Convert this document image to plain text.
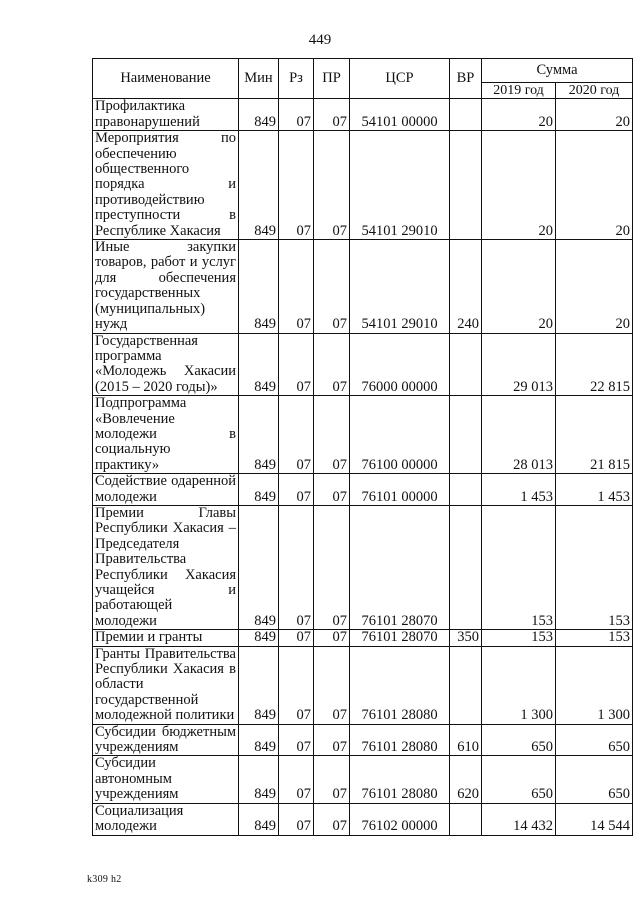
449
Наименование	Мин	Рз	ПР	ЦСР	ВР	Сумма	
						2019 год	2020 год
Профилактика правонарушений	849	07	07	54101 00000		20	20
Мероприятия по обеспечению общественного порядка и противодействию преступности в Республике Хакасия	849	07	07	54101 29010		20	20
Иные закупки товаров, работ и услуг для обеспечения государственных (муниципальных) нужд	849	07	07	54101 29010	240	20	20
Государственная программа «Молодежь Хакасии (2015 – 2020 годы)»	849	07	07	76000 00000		29 013	22 815
Подпрограмма «Вовлечение молодежи в социальную практику»	849	07	07	76100 00000		28 013	21 815
Содействие одаренной молодежи	849	07	07	76101 00000		1 453	1 453
Премии Главы Республики Хакасия – Председателя Правительства Республики Хакасия учащейся и работающей молодежи	849	07	07	76101 28070		153	153
Премии и гранты	849	07	07	76101 28070	350	153	153
Гранты Правительства Республики Хакасия в области государственной молодежной политики	849	07	07	76101 28080		1 300	1 300
Субсидии бюджетным учреждениям	849	07	07	76101 28080	610	650	650
Субсидии автономным учреждениям	849	07	07	76101 28080	620	650	650
Социализация молодежи	849	07	07	76102 00000		14 432	14 544
k309 h2
